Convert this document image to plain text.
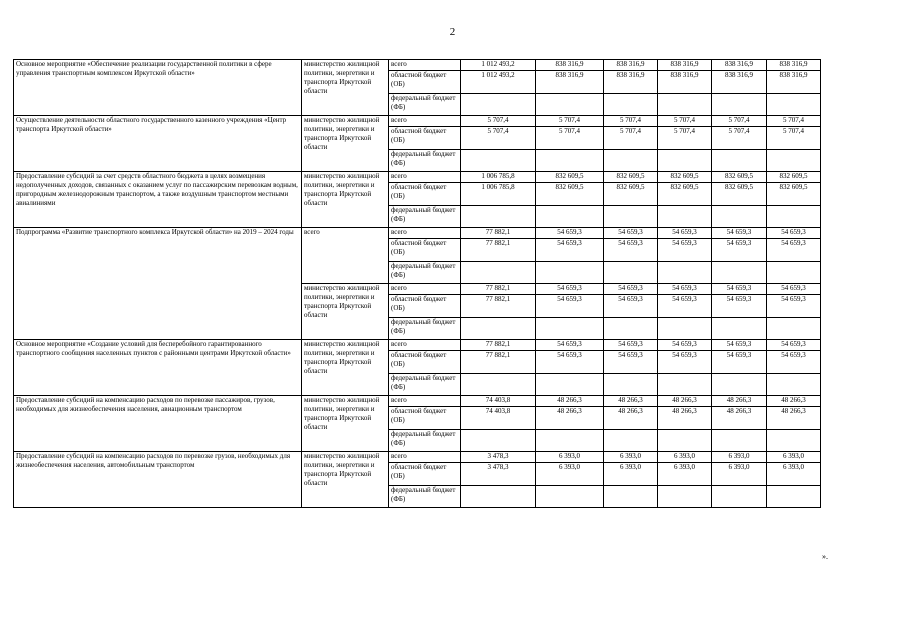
2
Основное мероприятие «Обеспечение реализации государственной политики в сфере управления транспортным комплексом Иркутской области»	министерство жилищной политики, энергетики и транспорта Иркутской области	всего	1 012 493,2	838 316,9	838 316,9	838 316,9	838 316,9	838 316,9
		областной бюджет (ОБ)	1 012 493,2	838 316,9	838 316,9	838 316,9	838 316,9	838 316,9
		федеральный бюджет (ФБ)						
Осуществление деятельности областного государственного казенного учреждения «Центр транспорта Иркутской области»	министерство жилищной политики, энергетики и транспорта Иркутской области	всего	5 707,4	5 707,4	5 707,4	5 707,4	5 707,4	5 707,4
		областной бюджет (ОБ)	5 707,4	5 707,4	5 707,4	5 707,4	5 707,4	5 707,4
		федеральный бюджет (ФБ)						
Предоставление субсидий за счет средств областного бюджета в целях возмещения недополученных доходов, связанных с оказанием услуг по пассажирским перевозкам водным, пригородным железнодорожным транспортом, а также воздушным транспортом местными авиалиниями	министерство жилищной политики, энергетики и транспорта Иркутской области	всего	1 006 785,8	832 609,5	832 609,5	832 609,5	832 609,5	832 609,5
		областной бюджет (ОБ)	1 006 785,8	832 609,5	832 609,5	832 609,5	832 609,5	832 609,5
		федеральный бюджет (ФБ)						
Подпрограмма «Развитие транспортного комплекса Иркутской области» на 2019 – 2024 годы	всего	всего	77 882,1	54 659,3	54 659,3	54 659,3	54 659,3	54 659,3
		областной бюджет (ОБ)	77 882,1	54 659,3	54 659,3	54 659,3	54 659,3	54 659,3
		федеральный бюджет (ФБ)						
	министерство жилищной политики, энергетики и транспорта Иркутской области	всего	77 882,1	54 659,3	54 659,3	54 659,3	54 659,3	54 659,3
		областной бюджет (ОБ)	77 882,1	54 659,3	54 659,3	54 659,3	54 659,3	54 659,3
		федеральный бюджет (ФБ)						
Основное мероприятие «Создание условий для бесперебойного гарантированного транспортного сообщения населенных пунктов с районными центрами Иркутской области»	министерство жилищной политики, энергетики и транспорта Иркутской области	всего	77 882,1	54 659,3	54 659,3	54 659,3	54 659,3	54 659,3
		областной бюджет (ОБ)	77 882,1	54 659,3	54 659,3	54 659,3	54 659,3	54 659,3
		федеральный бюджет (ФБ)						
Предоставление субсидий на компенсацию расходов по перевозке пассажиров, грузов, необходимых для жизнеобеспечения населения, авиационным транспортом	министерство жилищной политики, энергетики и транспорта Иркутской области	всего	74 403,8	48 266,3	48 266,3	48 266,3	48 266,3	48 266,3
		областной бюджет (ОБ)	74 403,8	48 266,3	48 266,3	48 266,3	48 266,3	48 266,3
		федеральный бюджет (ФБ)						
Предоставление субсидий на компенсацию расходов по перевозке грузов, необходимых для жизнеобеспечения населения, автомобильным транспортом	министерство жилищной политики, энергетики и транспорта Иркутской области	всего	3 478,3	6 393,0	6 393,0	6 393,0	6 393,0	6 393,0
		областной бюджет (ОБ)	3 478,3	6 393,0	6 393,0	6 393,0	6 393,0	6 393,0
		федеральный бюджет (ФБ)						
».
